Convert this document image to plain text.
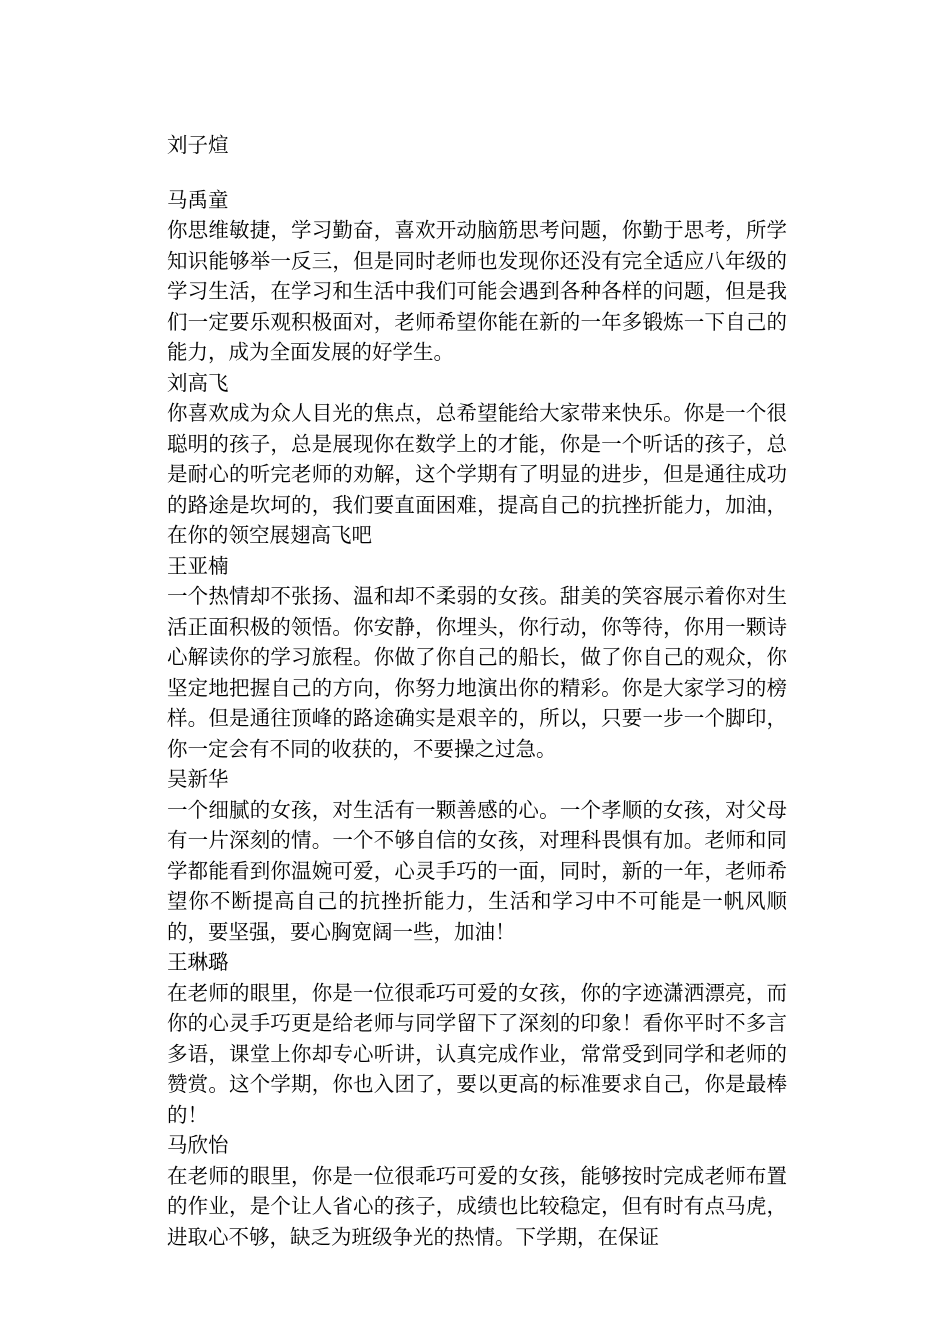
刘子煊
马禹童
你思维敏捷，学习勤奋，喜欢开动脑筋思考问题，你勤于思考，所学知识能够举一反三，但是同时老师也发现你还没有完全适应八年级的学习生活，在学习和生活中我们可能会遇到各种各样的问题，但是我们一定要乐观积极面对，老师希望你能在新的一年多锻炼一下自己的能力，成为全面发展的好学生。
刘高飞
你喜欢成为众人目光的焦点，总希望能给大家带来快乐。你是一个很聪明的孩子，总是展现你在数学上的才能，你是一个听话的孩子，总是耐心的听完老师的劝解，这个学期有了明显的进步，但是通往成功的路途是坎坷的，我们要直面困难，提高自己的抗挫折能力，加油，在你的领空展翅高飞吧
王亚楠
一个热情却不张扬、温和却不柔弱的女孩。甜美的笑容展示着你对生活正面积极的领悟。你安静，你埋头，你行动，你等待，你用一颗诗心解读你的学习旅程。你做了你自己的船长，做了你自己的观众，你坚定地把握自己的方向，你努力地演出你的精彩。你是大家学习的榜样。但是通往顶峰的路途确实是艰辛的，所以，只要一步一个脚印，你一定会有不同的收获的，不要操之过急。
吴新华
一个细腻的女孩，对生活有一颗善感的心。一个孝顺的女孩，对父母有一片深刻的情。一个不够自信的女孩，对理科畏惧有加。老师和同学都能看到你温婉可爱，心灵手巧的一面，同时，新的一年，老师希望你不断提高自己的抗挫折能力，生活和学习中不可能是一帆风顺的，要坚强，要心胸宽阔一些，加油！
王琳璐
在老师的眼里，你是一位很乖巧可爱的女孩，你的字迹潇洒漂亮，而你的心灵手巧更是给老师与同学留下了深刻的印象！看你平时不多言多语，课堂上你却专心听讲，认真完成作业，常常受到同学和老师的赞赏。这个学期，你也入团了，要以更高的标准要求自己，你是最棒的！
马欣怡
在老师的眼里，你是一位很乖巧可爱的女孩，能够按时完成老师布置的作业，是个让人省心的孩子，成绩也比较稳定，但有时有点马虎，进取心不够，缺乏为班级争光的热情。下学期，在保证
